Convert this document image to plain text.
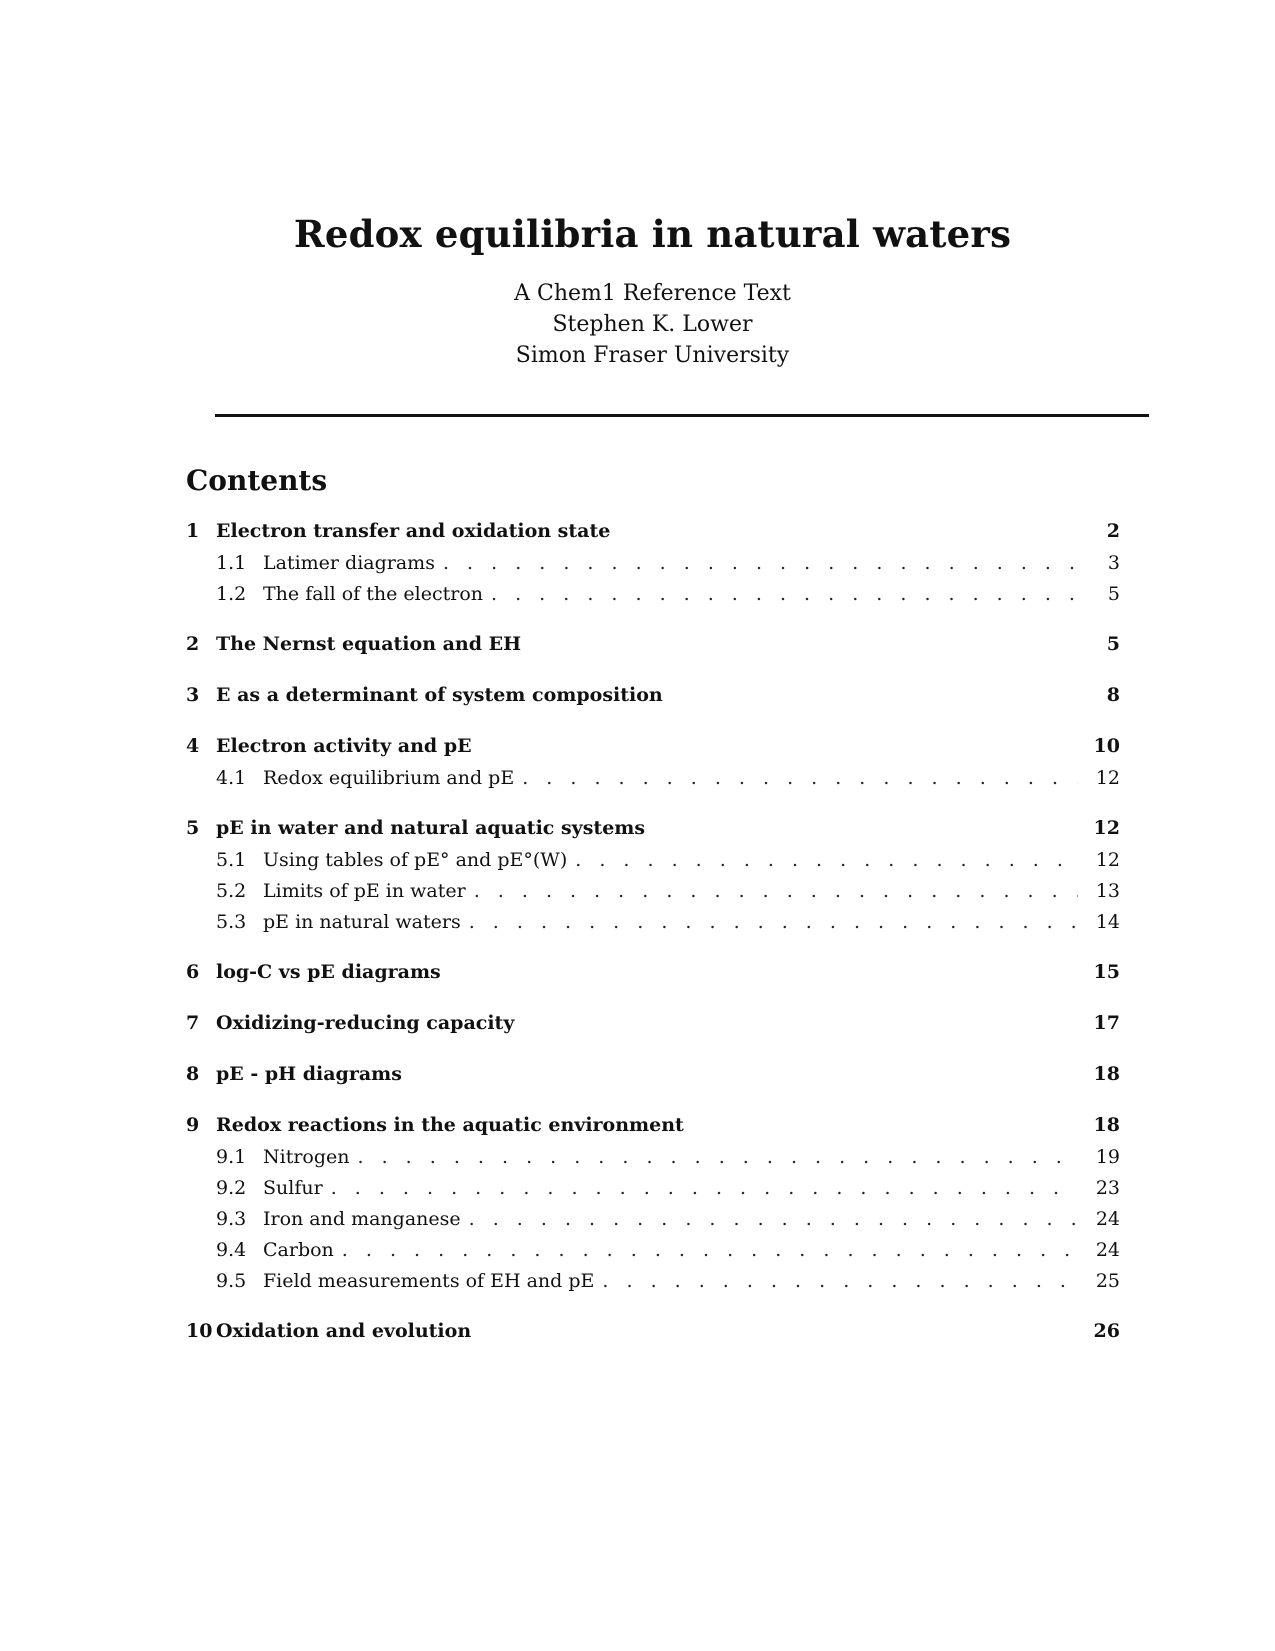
Redox equilibria in natural waters
A Chem1 Reference Text
Stephen K. Lower
Simon Fraser University
Contents
1 Electron transfer and oxidation state	2
1.1 Latimer diagrams . . .	3
1.2 The fall of the electron . . .	5
2 The Nernst equation and EH	5
3 E as a determinant of system composition	8
4 Electron activity and pE	10
4.1 Redox equilibrium and pE . . .	12
5 pE in water and natural aquatic systems	12
5.1 Using tables of pE° and pE°(W) . . .	12
5.2 Limits of pE in water . . .	13
5.3 pE in natural waters . . .	14
6 log-C vs pE diagrams	15
7 Oxidizing-reducing capacity	17
8 pE - pH diagrams	18
9 Redox reactions in the aquatic environment	18
9.1 Nitrogen . . .	19
9.2 Sulfur . . .	23
9.3 Iron and manganese . . .	24
9.4 Carbon . . .	24
9.5 Field measurements of EH and pE . . .	25
10 Oxidation and evolution	26
